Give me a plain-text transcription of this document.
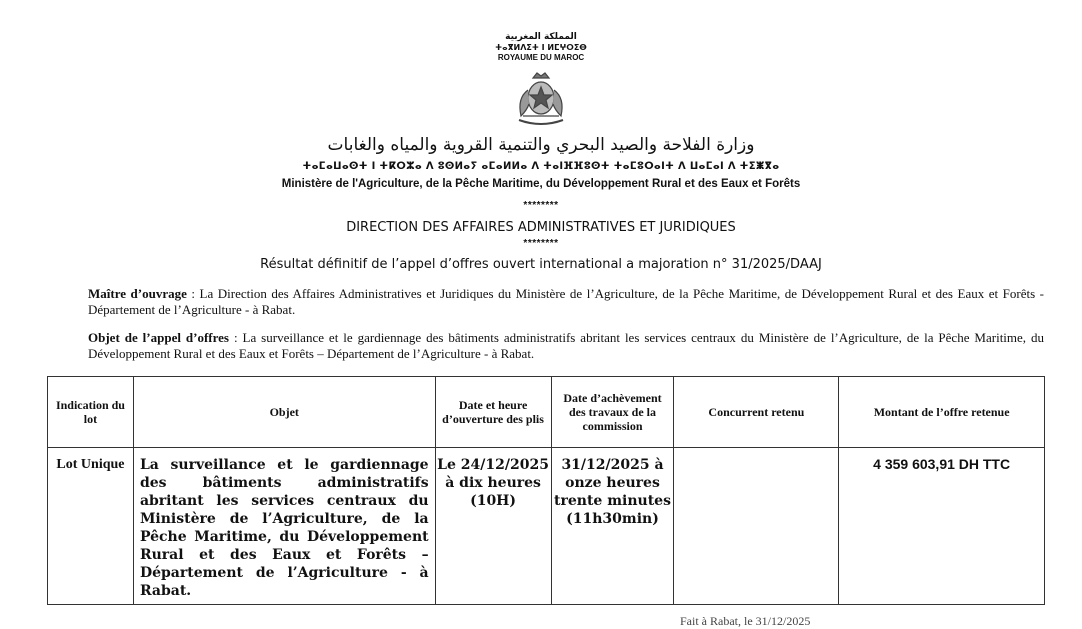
المملكة المغربية
ⵜⴰⴳⵍⴷⵉⵜ ⵏ ⵍⵎⵖⵔⵉⴱ
ROYAUME DU MAROC
وزارة الفلاحة والصيد البحري والتنمية القروية والمياه والغابات
ⵜⴰⵎⴰⵡⴰⵙⵜ ⵏ ⵜⴽⵔⵣⴰ ⴷ ⵓⵙⵍⴰⵢ ⴰⵎⴰⵍⵍⴰ ⴷ ⵜⴰⵏⴼⴼⵓⵙⵜ ⵜⴰⵎⵓⵔⴰⵏⵜ ⴷ ⵡⴰⵎⴰⵏ ⴷ ⵜⵉⵥⴳⴰ
Ministère de l'Agriculture, de la Pêche Maritime, du Développement Rural et des Eaux et Forêts
********
DIRECTION DES AFFAIRES ADMINISTRATIVES ET JURIDIQUES
********
Résultat définitif de l’appel d’offres ouvert international a majoration n° 31/2025/DAAJ
Maître d’ouvrage : La Direction des Affaires Administratives et Juridiques du Ministère de l’Agriculture, de la Pêche Maritime, de Développement Rural et des Eaux et Forêts -Département de l’Agriculture - à Rabat.
Objet de l’appel d’offres : La surveillance et le gardiennage des bâtiments administratifs abritant les services centraux du Ministère de l’Agriculture, de la Pêche Maritime, du Développement Rural et des Eaux et Forêts – Département de l’Agriculture - à Rabat.
Indication du lot	Objet	Date et heure d’ouverture des plis	Date d’achèvement des travaux de la commission	Concurrent retenu	Montant de l’offre retenue
Lot Unique	La surveillance et le gardiennage des bâtiments administratifs abritant les services centraux du Ministère de l’Agriculture, de la Pêche Maritime, du Développement Rural et des Eaux et Forêts – Département de l’Agriculture - à Rabat.	Le 24/12/2025 à dix heures (10H)	31/12/2025 à onze heures trente minutes (11h30min)		4 359 603,91 DH TTC
Fait à Rabat, le 31/12/2025
